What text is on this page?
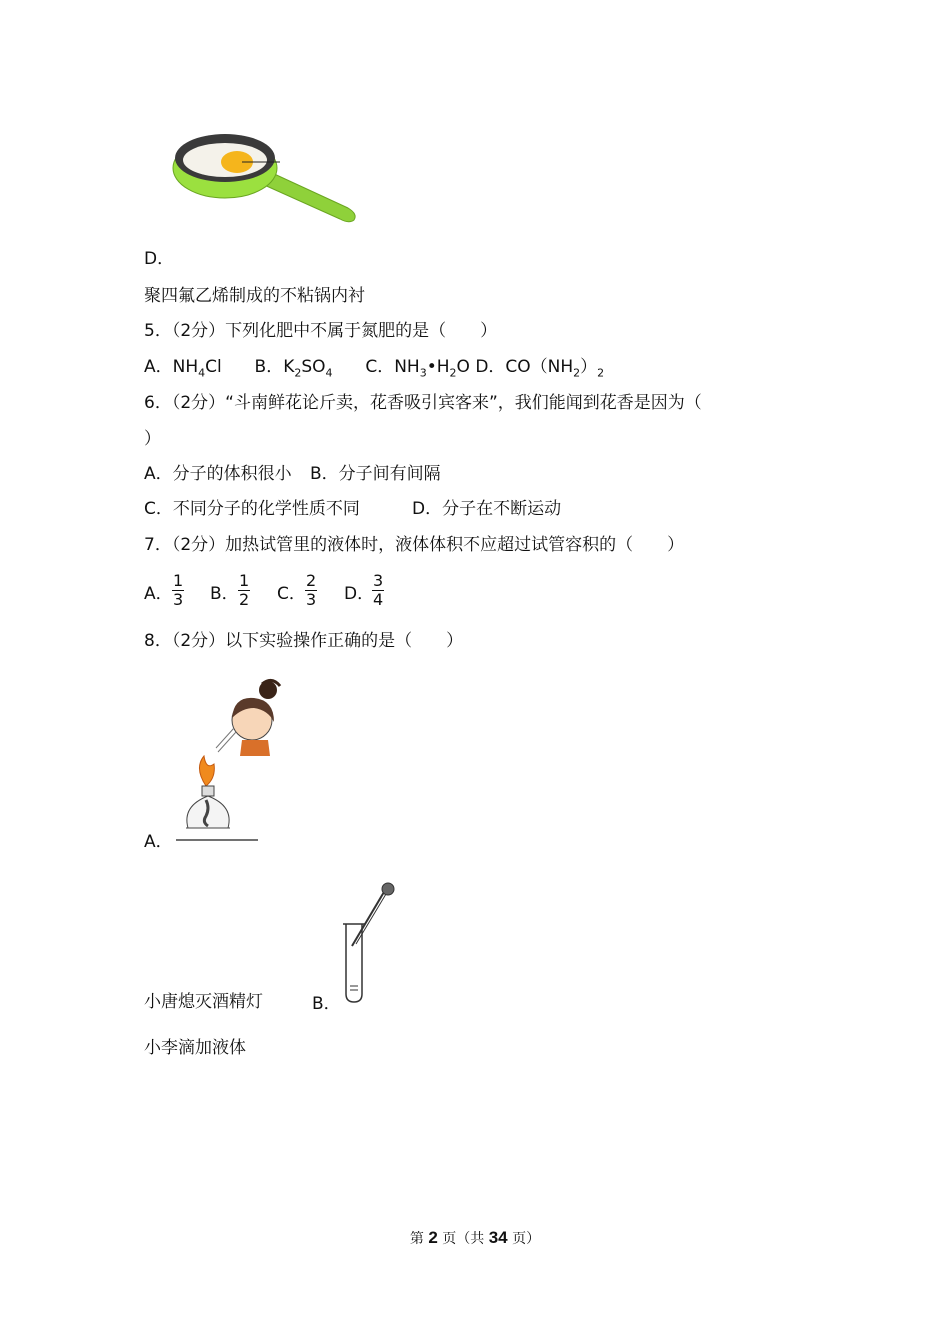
D．
聚四氟乙烯制成的不粘锅内衬
5．（2分）下列化肥中不属于氮肥的是（　　）
A．$NH_4Cl$ B．$K_2SO_4$ C．$NH_3•H_2O$ D．$CO(NH_2)_2$
6．（2分）“斗南鲜花论斤卖，花香吸引宾客来”，我们能闻到花香是因为（
）
A．分子的体积很小 B．分子间有间隔
C．不同分子的化学性质不同	D．分子在不断运动
7．（2分）加热试管里的液体时，液体体积不应超过试管容积的（　　）
A． $\frac{1}{3}$ B． $\frac{1}{2}$ C． $\frac{2}{3}$ D．
$\frac{3}{4}$
8．（2分）以下实验操作正确的是（　　）
A．
小唐熄灭酒精灯	B．
小李滴加液体
第 2 页（共 34 页）
